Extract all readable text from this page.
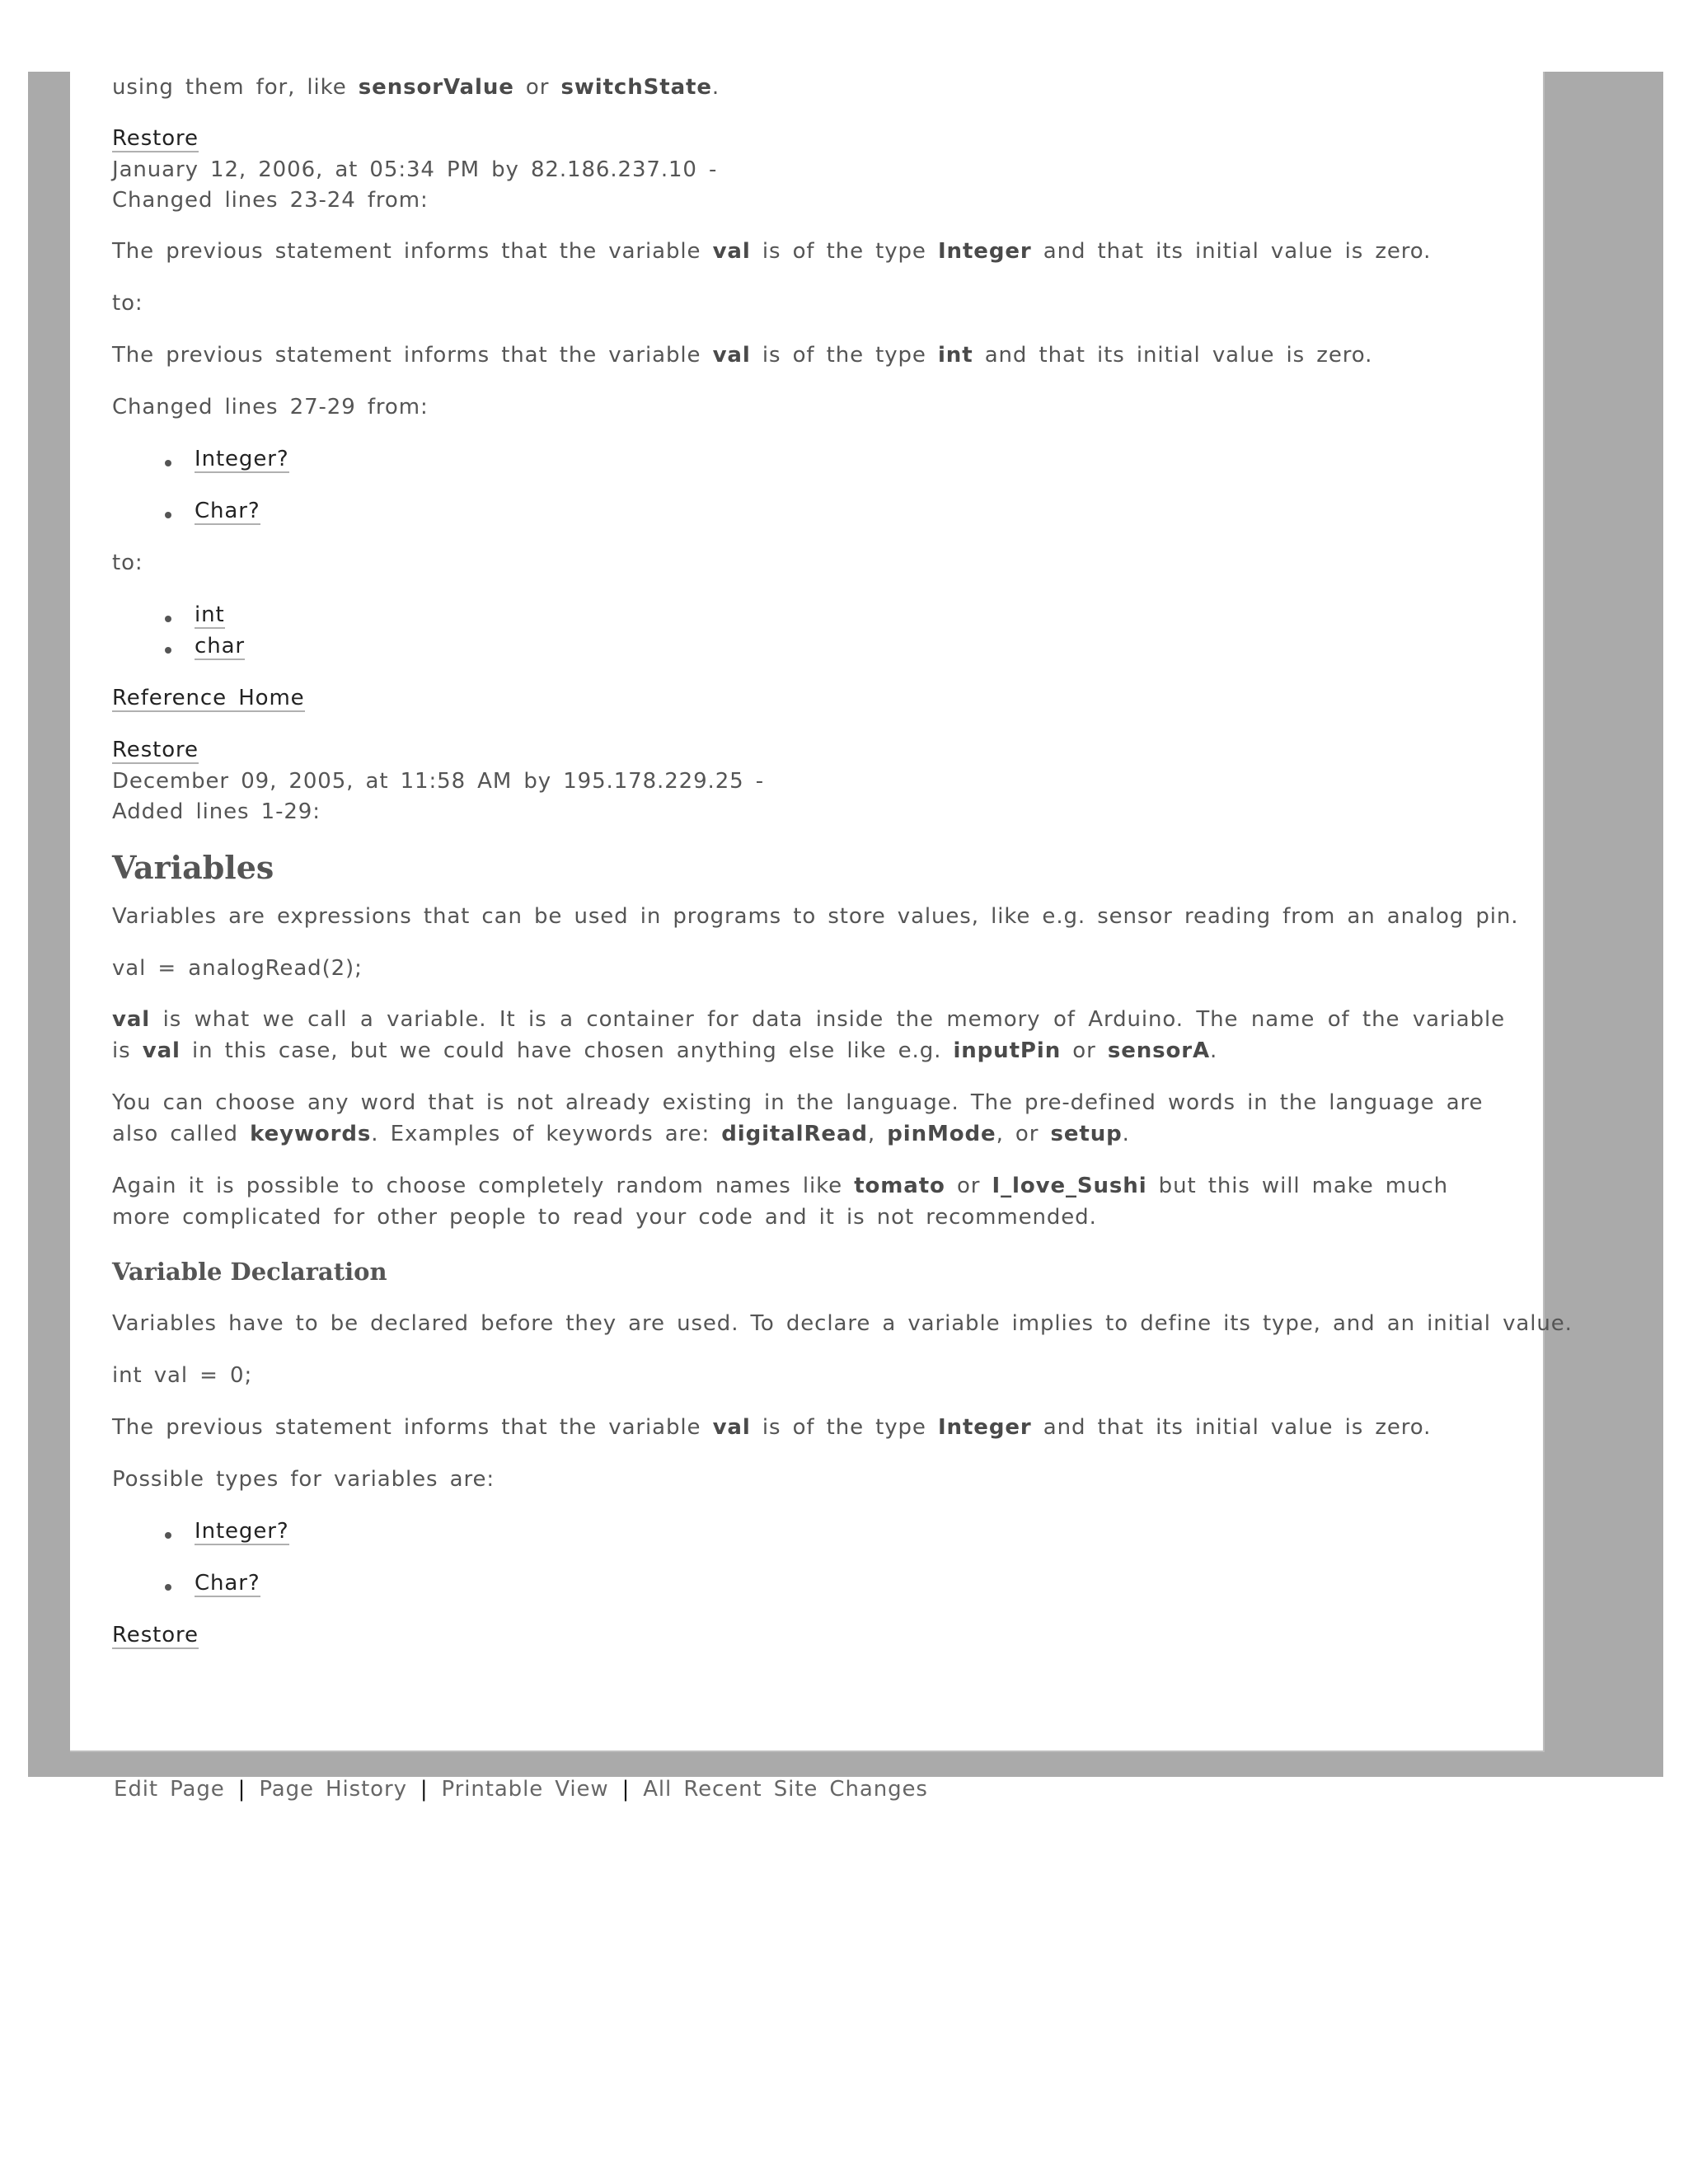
using them for, like sensorValue or switchState.
Restore
January 12, 2006, at 05:34 PM by 82.186.237.10 -
Changed lines 23-24 from:
The previous statement informs that the variable val is of the type Integer and that its initial value is zero.
to:
The previous statement informs that the variable val is of the type int and that its initial value is zero.
Changed lines 27-29 from:
Integer?
Char?
to:
int
char
Reference Home
Restore
December 09, 2005, at 11:58 AM by 195.178.229.25 -
Added lines 1-29:
Variables
Variables are expressions that can be used in programs to store values, like e.g. sensor reading from an analog pin.
val = analogRead(2);
val is what we call a variable. It is a container for data inside the memory of Arduino. The name of the variable is val in this case, but we could have chosen anything else like e.g. inputPin or sensorA.
You can choose any word that is not already existing in the language. The pre-defined words in the language are also called keywords. Examples of keywords are: digitalRead, pinMode, or setup.
Again it is possible to choose completely random names like tomato or I_love_Sushi but this will make much more complicated for other people to read your code and it is not recommended.
Variable Declaration
Variables have to be declared before they are used. To declare a variable implies to define its type, and an initial value.
int val = 0;
The previous statement informs that the variable val is of the type Integer and that its initial value is zero.
Possible types for variables are:
Integer?
Char?
Restore
Edit Page | Page History | Printable View | All Recent Site Changes
